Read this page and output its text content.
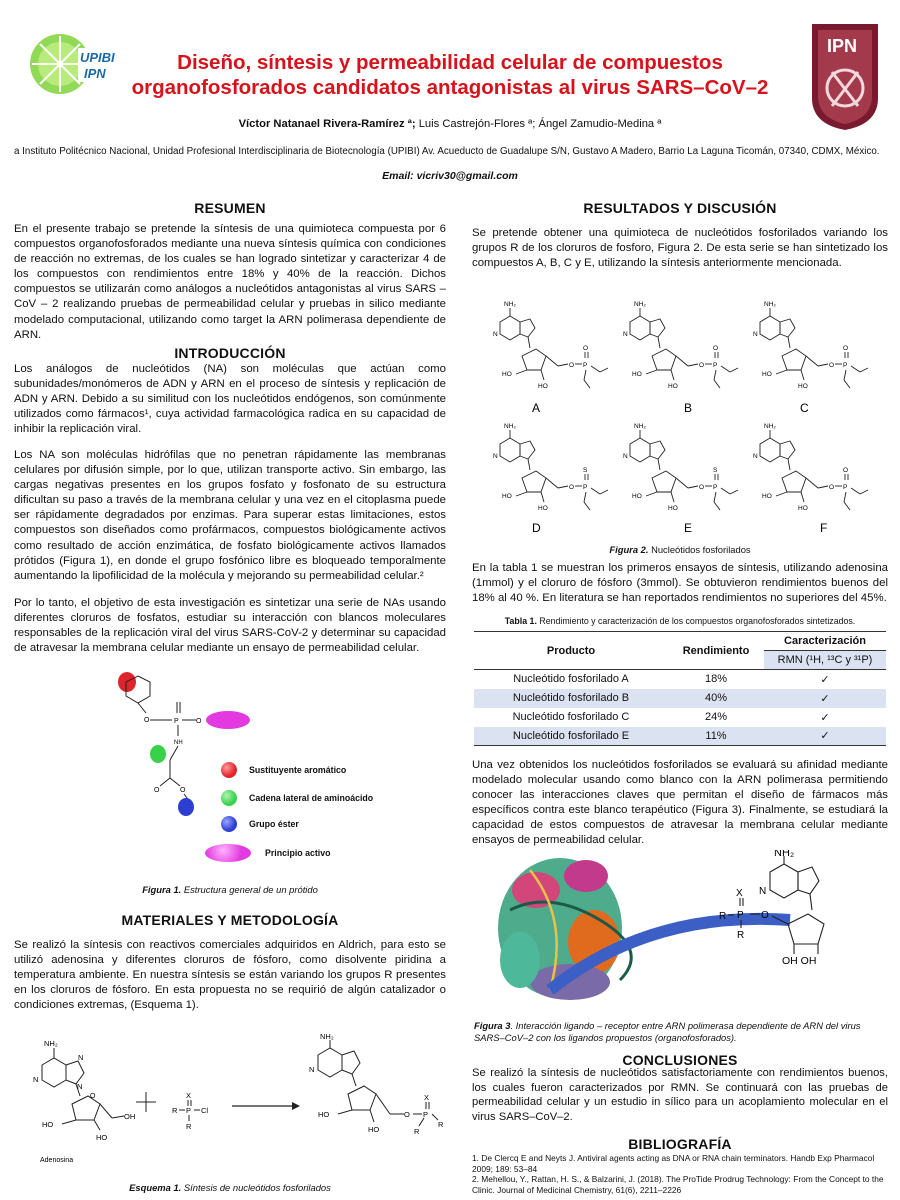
UPIBI
IPN
IPN
Diseño, síntesis y permeabilidad celular de compuestos organofosforados candidatos antagonistas al virus SARS–CoV–2
Víctor Natanael Rivera-Ramírez ª; Luis Castrejón-Flores ª; Ángel Zamudio-Medina ª
a Instituto Politécnico Nacional, Unidad Profesional Interdisciplinaria de Biotecnología (UPIBI) Av. Acueducto de Guadalupe S/N, Gustavo A Madero, Barrio La Laguna Ticomán, 07340, CDMX, México.
Email: vicriv30@gmail.com
RESUMEN
En el presente trabajo se pretende la síntesis de una quimioteca compuesta por 6 compuestos organofosforados mediante una nueva síntesis química con condiciones de reacción no extremas, de los cuales se han logrado sintetizar y caracterizar 4 de los compuestos con rendimientos entre 18% y 40% de la reacción. Dichos compuestos se utilizarán como análogos a nucleótidos antagonistas al virus SARS – CoV – 2 realizando pruebas de permeabilidad celular y pruebas in silico mediante modelado computacional, utilizando como target la ARN polimerasa dependiente de ARN.
INTRODUCCIÓN
Los análogos de nucleótidos (NA) son moléculas que actúan como subunidades/monómeros de ADN y ARN en el proceso de síntesis y replicación de ADN y ARN. Debido a su similitud con los nucleótidos endógenos, son comúnmente utilizados como fármacos¹, cuya actividad farmacológica radica en su capacidad de inhibir la replicación viral.
Los NA son moléculas hidrófilas que no penetran rápidamente las membranas celulares por difusión simple, por lo que, utilizan transporte activo. Sin embargo, las cargas negativas presentes en los grupos fosfato y fosfonato de su estructura dificultan su paso a través de la membrana celular y una vez en el citoplasma puede ser rápidamente degradados por enzimas. Para superar estas limitaciones, estos compuestos son diseñados como profármacos, compuestos biológicamente activos como resultado de acción enzimática, de fosfato biológicamente activos llamados prótidos (Figura 1), en donde el grupo fosfónico libre es bloqueado temporalmente aumentando la lipofilicidad de la molécula y mejorando su permeabilidad celular.²
Por lo tanto, el objetivo de esta investigación es sintetizar una serie de NAs usando diferentes cloruros de fosfatos, estudiar su interacción con blancos moleculares responsables de la replicación viral del virus SARS-CoV-2 y determinar su capacidad de atravesar la membrana celular mediante un ensayo de permeabilidad celular.
O	P O
NH
O
O
Sustituyente aromático
Cadena lateral de aminoácido
Grupo éster
Principio activo
Figura 1. Estructura general de un prótido
MATERIALES Y METODOLOGÍA
Se realizó la síntesis con reactivos comerciales adquiridos en Aldrich, para esto se utilizó adenosina y diferentes cloruros de fósforo, como disolvente piridina a temperatura ambiente. En nuestra síntesis se están variando los grupos R presentes en los cloruros de fósforo. En esta propuesta no se requirió de algún catalizador o condiciones extremas, (Esquema 1).
NH₂
N
N
N
O
HO
HO
OH
Adenosina
X
R P Cl
R
NH₂
N
HO
HO
O
X
P
R
R
Esquema 1. Síntesis de nucleótidos fosforilados
RESULTADOS Y DISCUSIÓN
Se pretende obtener una quimioteca de nucleótidos fosforilados variando los grupos R de los cloruros de fosforo, Figura 2. De esta serie se han sintetizado los compuestos A, B, C y E, utilizando la síntesis anteriormente mencionada.
A	B	C
D	E	F
NH₂
N
HO
HO
O P
O
NH₂
N
HO
HO
O P
O
NH₂
N
HO
HO
O P
O
NH₂
N
HO
HO
O P
S
NH₂
N
HO
HO
O P
S
NH₂
N
HO
HO
O P
O
Figura 2. Nucleótidos fosforilados
En la tabla 1 se muestran los primeros ensayos de síntesis, utilizando adenosina (1mmol) y el cloruro de fósforo (3mmol). Se obtuvieron rendimientos buenos del 18% al 40 %. En literatura se han reportados rendimientos no superiores del 45%.
Tabla 1. Rendimiento y caracterización de los compuestos organofosforados sintetizados.
Producto	Rendimiento	Caracterización
		RMN (¹H, ¹³C y ³¹P)
Nucleótido fosforilado A	18%	✓
Nucleótido fosforilado B	40%	✓
Nucleótido fosforilado C	24%	✓
Nucleótido fosforilado E	11%	✓
Una vez obtenidos los nucleótidos fosforilados se evaluará su afinidad mediante modelado molecular usando como blanco con la ARN polimerasa permitiendo conocer las interacciones claves que permitan el diseño de fármacos más específicos contra este blanco terapéutico (Figura 3). Finalmente, se estudiará la capacidad de estos compuestos de atravesar la membrana celular mediante ensayos de permeabilidad celular.
NH₂
N
X
R P O
R
OH OH
Figura 3. Interacción ligando – receptor entre ARN polimerasa dependiente de ARN del virus SARS–CoV–2 con los ligandos propuestos (organofosforados).
CONCLUSIONES
Se realizó la síntesis de nucleótidos satisfactoriamente con rendimientos buenos, los cuales fueron caracterizados por RMN. Se continuará con las pruebas de permeabilidad celular y un estudio in sílico para un acoplamiento molecular en el virus SARS–CoV–2.
BIBLIOGRAFÍA
1. De Clercq E and Neyts J. Antiviral agents acting as DNA or RNA chain terminators. Handb Exp Pharmacol 2009; 189: 53–84
2. Mehellou, Y., Rattan, H. S., & Balzarini, J. (2018). The ProTide Prodrug Technology: From the Concept to the Clinic. Journal of Medicinal Chemistry, 61(6), 2211–2226
